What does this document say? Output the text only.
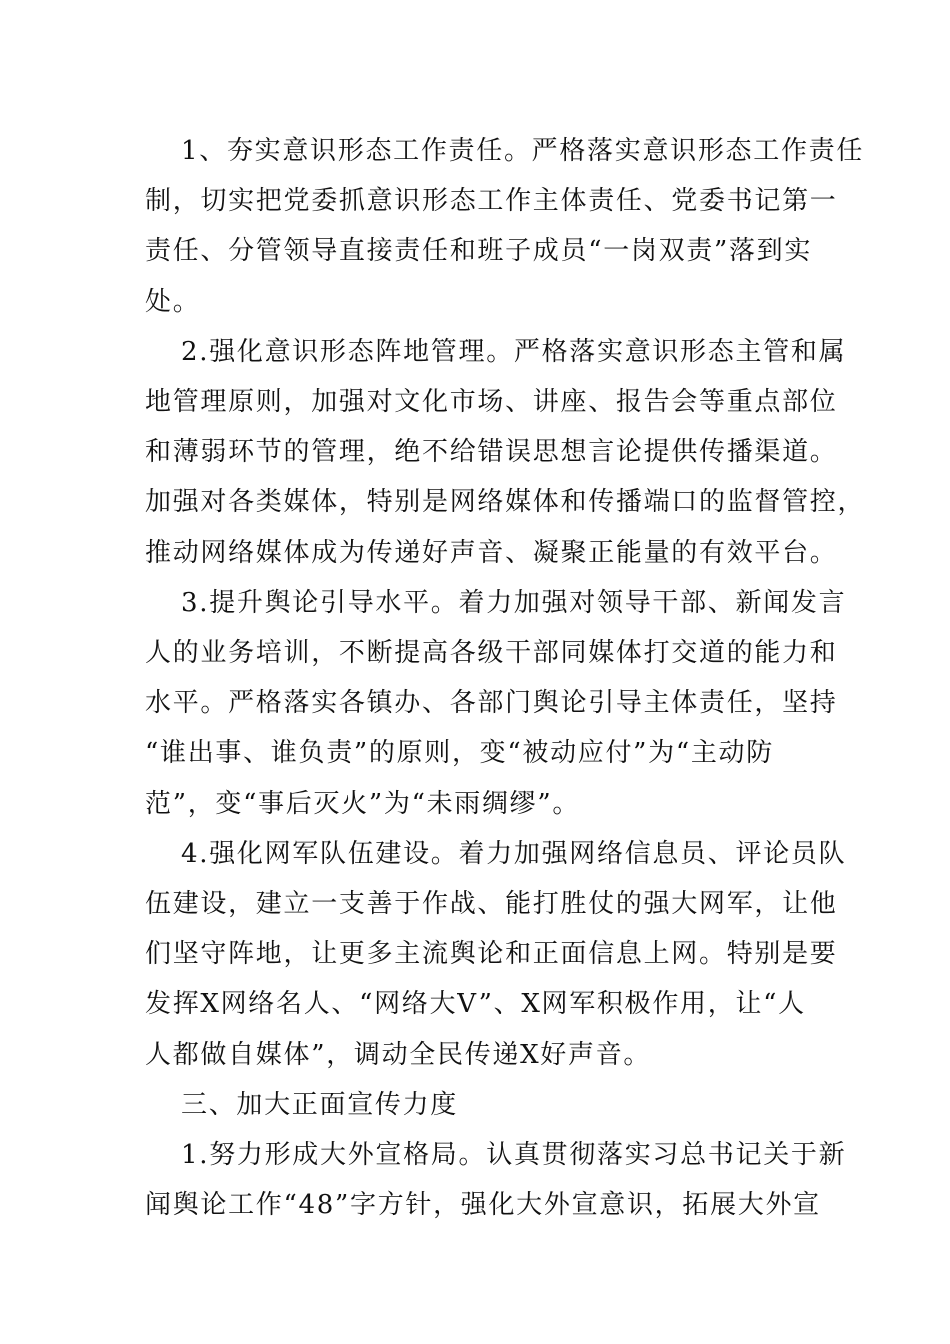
1、夯实意识形态工作责任。严格落实意识形态工作责任
制，切实把党委抓意识形态工作主体责任、党委书记第一
责任、分管领导直接责任和班子成员“一岗双责”落到实
处。

2.强化意识形态阵地管理。严格落实意识形态主管和属
地管理原则，加强对文化市场、讲座、报告会等重点部位
和薄弱环节的管理，绝不给错误思想言论提供传播渠道。
加强对各类媒体，特别是网络媒体和传播端口的监督管控，
推动网络媒体成为传递好声音、凝聚正能量的有效平台。

3.提升舆论引导水平。着力加强对领导干部、新闻发言
人的业务培训，不断提高各级干部同媒体打交道的能力和
水平。严格落实各镇办、各部门舆论引导主体责任，坚持
“谁出事、谁负责”的原则，变“被动应付”为“主动防
范”，变“事后灭火”为“未雨绸缪”。

4.强化网军队伍建设。着力加强网络信息员、评论员队
伍建设，建立一支善于作战、能打胜仗的强大网军，让他
们坚守阵地，让更多主流舆论和正面信息上网。特别是要
发挥X网络名人、“网络大V”、X网军积极作用，让“人
人都做自媒体”，调动全民传递X好声音。

三、加大正面宣传力度

1.努力形成大外宣格局。认真贯彻落实习总书记关于新
闻舆论工作“48”字方针，强化大外宣意识，拓展大外宣
